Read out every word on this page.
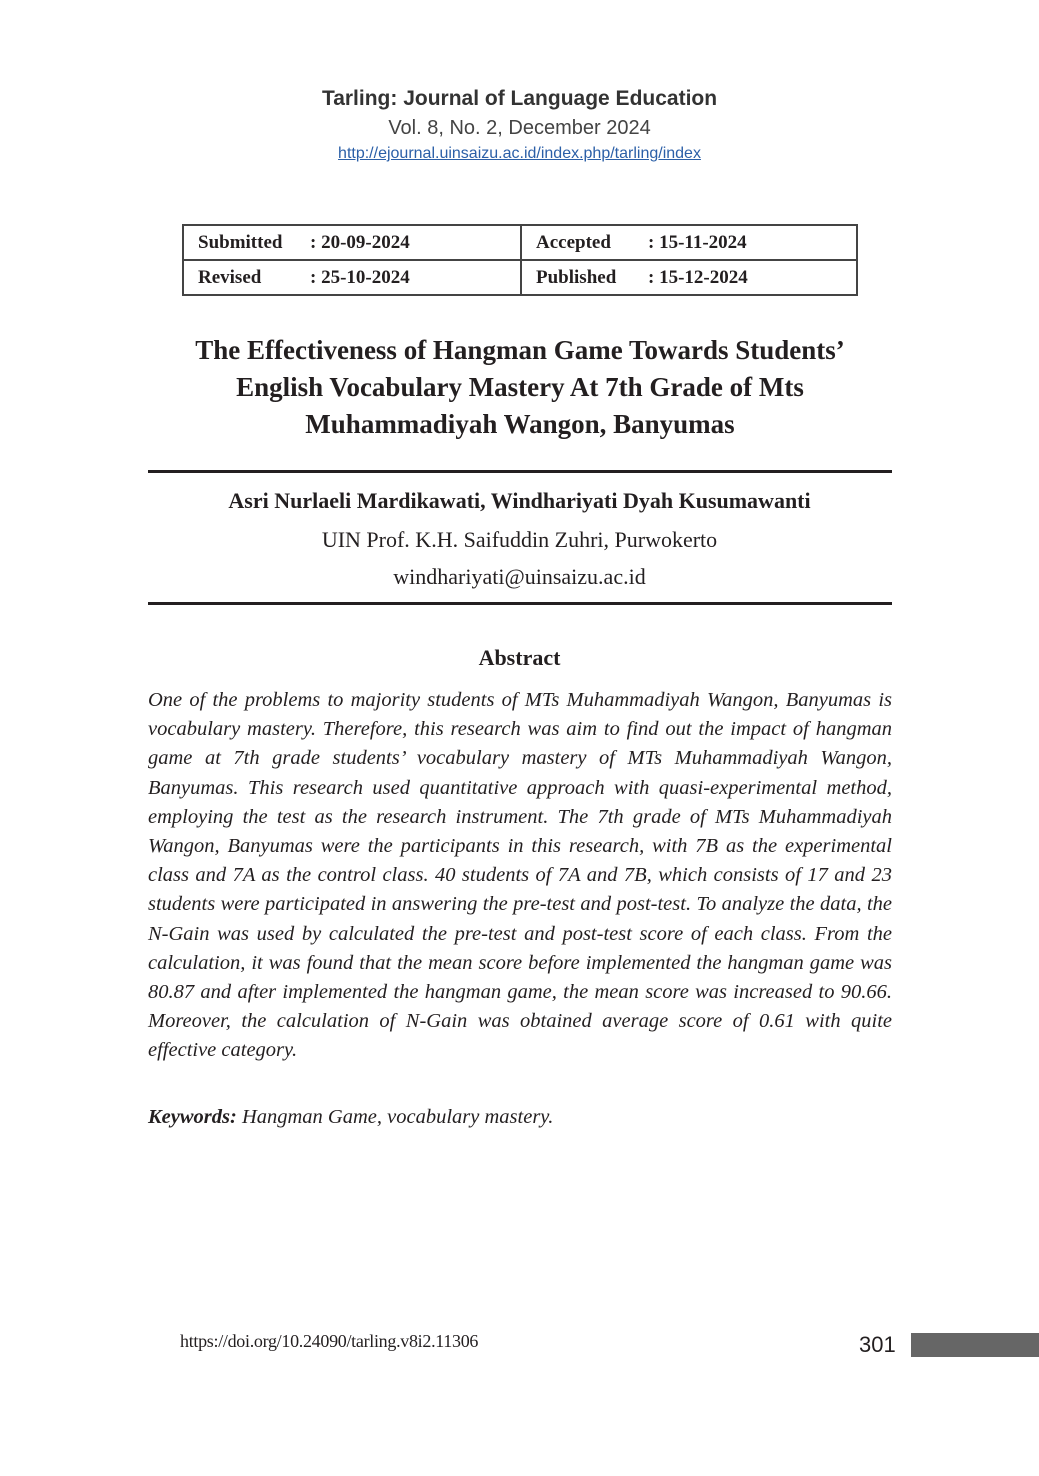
Tarling: Journal of Language Education
Vol. 8, No. 2, December 2024
http://ejournal.uinsaizu.ac.id/index.php/tarling/index
Submitted : 20-09-2024	Accepted : 15-11-2024
Revised : 25-10-2024	Published : 15-12-2024
The Effectiveness of Hangman Game Towards Students’
English Vocabulary Mastery At 7th Grade of Mts
Muhammadiyah Wangon, Banyumas
Asri Nurlaeli Mardikawati, Windhariyati Dyah Kusumawanti
UIN Prof. K.H. Saifuddin Zuhri, Purwokerto
windhariyati@uinsaizu.ac.id
Abstract
One of the problems to majority students of MTs Muhammadiyah Wangon, Banyumas is vocabulary mastery. Therefore, this research was aim to find out the impact of hangman game at 7th grade students’ vocabulary mastery of MTs Muhammadiyah Wangon, Banyumas. This research used quantitative approach with quasi-experimental method, employing the test as the research instrument. The 7th grade of MTs Muhammadiyah Wangon, Banyumas were the participants in this research, with 7B as the experimental class and 7A as the control class. 40 students of 7A and 7B, which consists of 17 and 23 students were participated in answering the pre-test and post-test. To analyze the data, the N-Gain was used by calculated the pre-test and post-test score of each class. From the calculation, it was found that the mean score before implemented the hangman game was 80.87 and after implemented the hangman game, the mean score was increased to 90.66. Moreover, the calculation of N-Gain was obtained average score of 0.61 with quite effective category.
Keywords: Hangman Game, vocabulary mastery.
https://doi.org/10.24090/tarling.v8i2.11306	301
